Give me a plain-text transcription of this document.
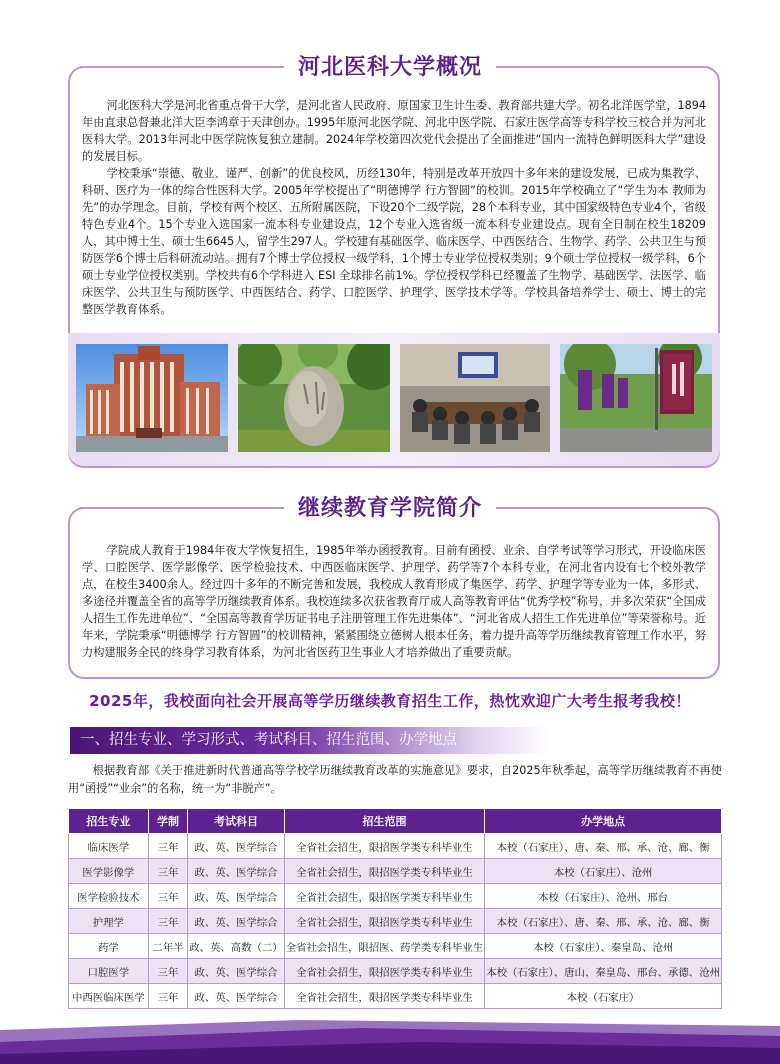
河北医科大学概况

河北医科大学是河北省重点骨干大学，是河北省人民政府、原国家卫生计生委、教育部共建大学。初名北洋医学堂，1894年由直隶总督兼北洋大臣李鸿章于天津创办。1995年原河北医学院、河北中医学院、石家庄医学高等专科学校三校合并为河北医科大学。2013年河北中医学院恢复独立建制。2024年学校第四次党代会提出了全面推进“国内一流特色鲜明医科大学”建设的发展目标。

学校秉承“崇德、敬业、谨严、创新”的优良校风，历经130年，特别是改革开放四十多年来的建设发展，已成为集教学、科研、医疗为一体的综合性医科大学。2005年学校提出了“明德博学 行方智圆”的校训。2015年学校确立了“学生为本 教师为先”的办学理念。目前，学校有两个校区、五所附属医院，下设20个二级学院，28个本科专业，其中国家级特色专业4个，省级特色专业4个。15个专业入选国家一流本科专业建设点，12个专业入选省级一流本科专业建设点。现有全日制在校生18209人，其中博士生、硕士生6645人，留学生297人。学校建有基础医学、临床医学、中西医结合、生物学、药学、公共卫生与预防医学6个博士后科研流动站。拥有7个博士学位授权一级学科，1个博士专业学位授权类别；9个硕士学位授权一级学科，6个硕士专业学位授权类别。学校共有6个学科进入 ESI 全球排名前1%。学位授权学科已经覆盖了生物学、基础医学、法医学、临床医学、公共卫生与预防医学、中西医结合、药学、口腔医学、护理学、医学技术学等。学校具备培养学士、硕士、博士的完整医学教育体系。

继续教育学院简介

学院成人教育于1984年夜大学恢复招生，1985年举办函授教育。目前有函授、业余、自学考试等学习形式，开设临床医学、口腔医学、医学影像学、医学检验技术、中西医临床医学、护理学、药学等7个本科专业，在河北省内设有七个校外教学点，在校生3400余人。经过四十多年的不断完善和发展，我校成人教育形成了集医学、药学、护理学等专业为一体，多形式、多途径并覆盖全省的高等学历继续教育体系。我校连续多次获省教育厅成人高等教育评估“优秀学校”称号，并多次荣获“全国成人招生工作先进单位”、“全国高等教育学历证书电子注册管理工作先进集体”、“河北省成人招生工作先进单位”等荣誉称号。近年来，学院秉承“明德博学 行方智圆”的校训精神，紧紧围绕立德树人根本任务，着力提升高等学历继续教育管理工作水平，努力构建服务全民的终身学习教育体系，为河北省医药卫生事业人才培养做出了重要贡献。

2025年，我校面向社会开展高等学历继续教育招生工作，热忱欢迎广大考生报考我校！
一、招生专业、学习形式、考试科目、招生范围、办学地点

根据教育部《关于推进新时代普通高等学校学历继续教育改革的实施意见》要求，自2025年秋季起，高等学历继续教育不再使用“函授”“业余”的名称，统一为“非脱产”。

招生专业	学制	考试科目	招生范围	办学地点
临床医学	三年	政、英、医学综合	全省社会招生，限招医学类专科毕业生	本校（石家庄）、唐、秦、邢、承、沧、廊、衡
医学影像学	三年	政、英、医学综合	全省社会招生，限招医学类专科毕业生	本校（石家庄）、沧州
医学检验技术	三年	政、英、医学综合	全省社会招生，限招医学类专科毕业生	本校（石家庄）、沧州、邢台
护理学	三年	政、英、医学综合	全省社会招生，限招医学类专科毕业生	本校（石家庄）、唐、秦、邢、承、沧、廊、衡
药学	二年半	政、英、高数（二）	全省社会招生，限招医、药学类专科毕业生	本校（石家庄）、秦皇岛、沧州
口腔医学	三年	政、英、医学综合	全省社会招生，限招医学类专科毕业生	本校（石家庄）、唐山、秦皇岛、邢台、承德、沧州
中西医临床医学	三年	政、英、医学综合	全省社会招生，限招医学类专科毕业生	本校（石家庄）
